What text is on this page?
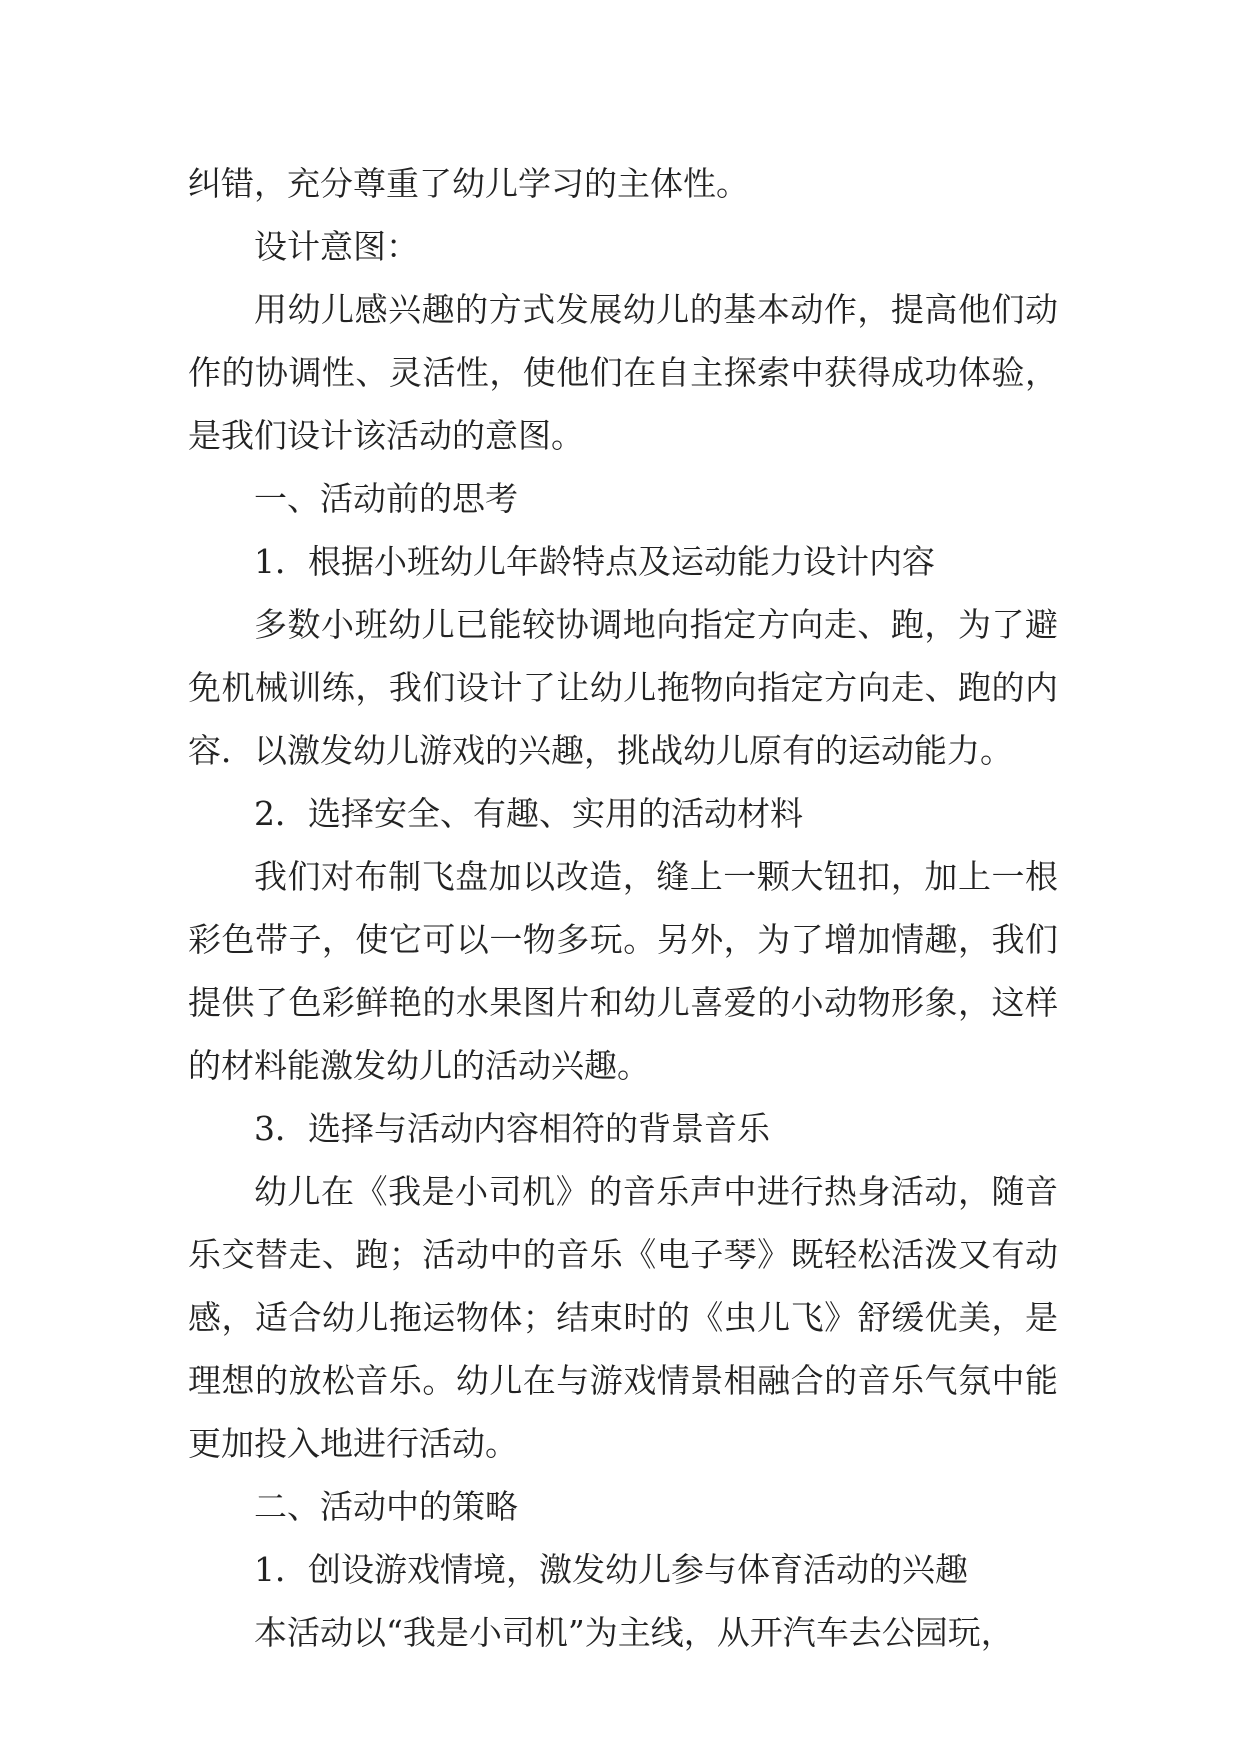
纠错，充分尊重了幼儿学习的主体性。

设计意图：

用幼儿感兴趣的方式发展幼儿的基本动作，提高他们动作的协调性、灵活性，使他们在自主探索中获得成功体验，是我们设计该活动的意图。

一、活动前的思考

1．根据小班幼儿年龄特点及运动能力设计内容

多数小班幼儿已能较协调地向指定方向走、跑，为了避免机械训练，我们设计了让幼儿拖物向指定方向走、跑的内容．以激发幼儿游戏的兴趣，挑战幼儿原有的运动能力。

2．选择安全、有趣、实用的活动材料

我们对布制飞盘加以改造，缝上一颗大钮扣，加上一根彩色带子，使它可以一物多玩。另外，为了增加情趣，我们提供了色彩鲜艳的水果图片和幼儿喜爱的小动物形象，这样的材料能激发幼儿的活动兴趣。

3．选择与活动内容相符的背景音乐

幼儿在《我是小司机》的音乐声中进行热身活动，随音乐交替走、跑；活动中的音乐《电子琴》既轻松活泼又有动感，适合幼儿拖运物体；结束时的《虫儿飞》舒缓优美，是理想的放松音乐。幼儿在与游戏情景相融合的音乐气氛中能更加投入地进行活动。

二、活动中的策略

1．创设游戏情境，激发幼儿参与体育活动的兴趣

本活动以“我是小司机”为主线，从开汽车去公园玩，
